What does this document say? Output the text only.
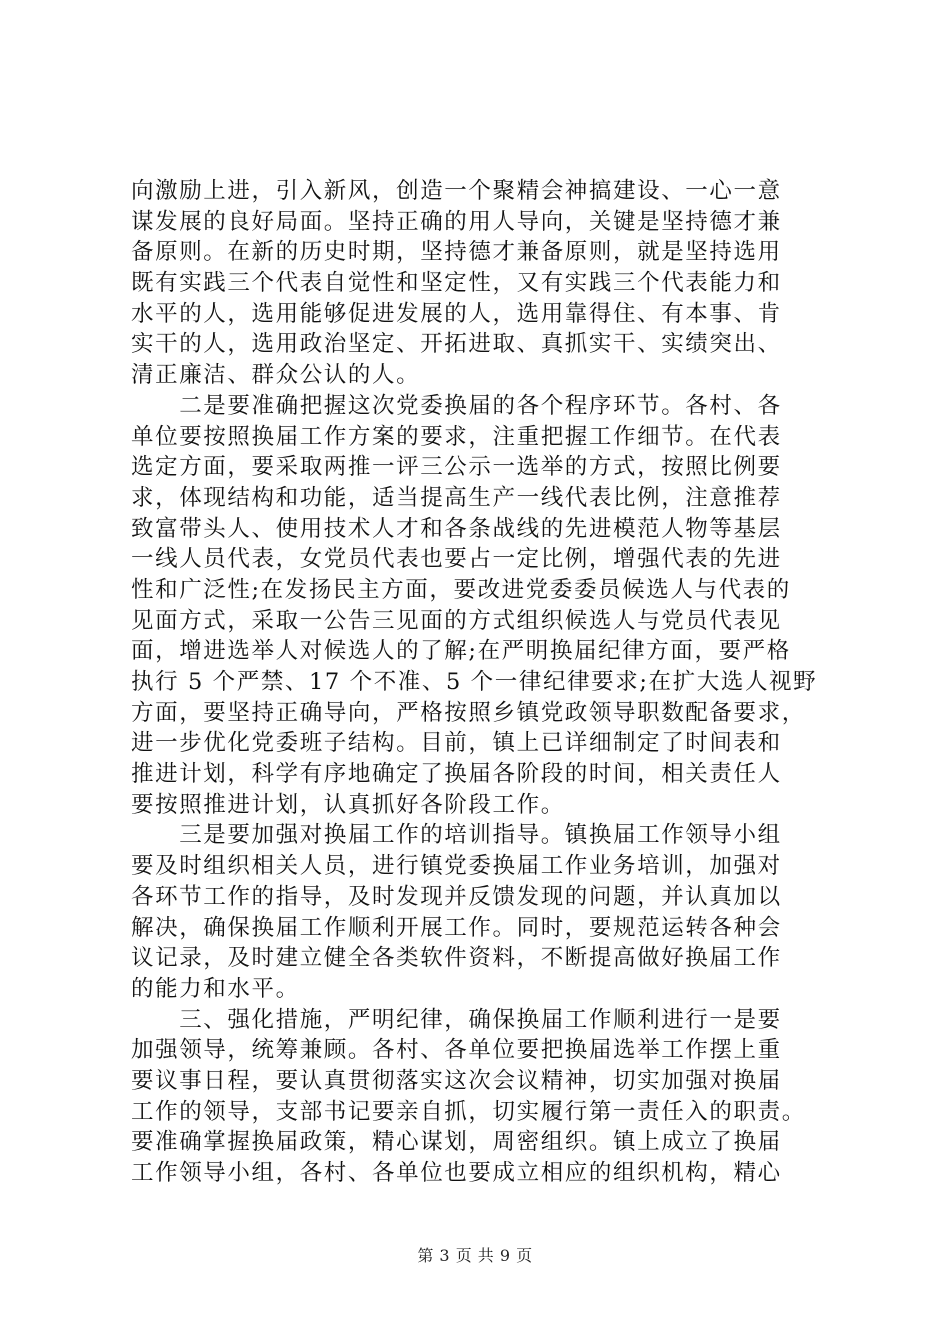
向激励上进，引入新风，创造一个聚精会神搞建设、一心一意
谋发展的良好局面。坚持正确的用人导向，关键是坚持德才兼
备原则。在新的历史时期，坚持德才兼备原则，就是坚持选用
既有实践三个代表自觉性和坚定性，又有实践三个代表能力和
水平的人，选用能够促进发展的人，选用靠得住、有本事、肯
实干的人，选用政治坚定、开拓进取、真抓实干、实绩突出、
清正廉洁、群众公认的人。
　　二是要准确把握这次党委换届的各个程序环节。各村、各
单位要按照换届工作方案的要求，注重把握工作细节。在代表
选定方面，要采取两推一评三公示一选举的方式，按照比例要
求，体现结构和功能，适当提高生产一线代表比例，注意推荐
致富带头人、使用技术人才和各条战线的先进模范人物等基层
一线人员代表，女党员代表也要占一定比例，增强代表的先进
性和广泛性;在发扬民主方面，要改进党委委员候选人与代表的
见面方式，采取一公告三见面的方式组织候选人与党员代表见
面，增进选举人对候选人的了解;在严明换届纪律方面，要严格
执行 5 个严禁、17 个不准、5 个一律纪律要求;在扩大选人视野
方面，要坚持正确导向，严格按照乡镇党政领导职数配备要求，
进一步优化党委班子结构。目前，镇上已详细制定了时间表和
推进计划，科学有序地确定了换届各阶段的时间，相关责任人
要按照推进计划，认真抓好各阶段工作。
　　三是要加强对换届工作的培训指导。镇换届工作领导小组
要及时组织相关人员，进行镇党委换届工作业务培训，加强对
各环节工作的指导，及时发现并反馈发现的问题，并认真加以
解决，确保换届工作顺利开展工作。同时，要规范运转各种会
议记录，及时建立健全各类软件资料，不断提高做好换届工作
的能力和水平。
　　三、强化措施，严明纪律，确保换届工作顺利进行一是要
加强领导，统筹兼顾。各村、各单位要把换届选举工作摆上重
要议事日程，要认真贯彻落实这次会议精神，切实加强对换届
工作的领导，支部书记要亲自抓，切实履行第一责任入的职责。
要准确掌握换届政策，精心谋划，周密组织。镇上成立了换届
工作领导小组，各村、各单位也要成立相应的组织机构，精心
第 3 页 共 9 页
